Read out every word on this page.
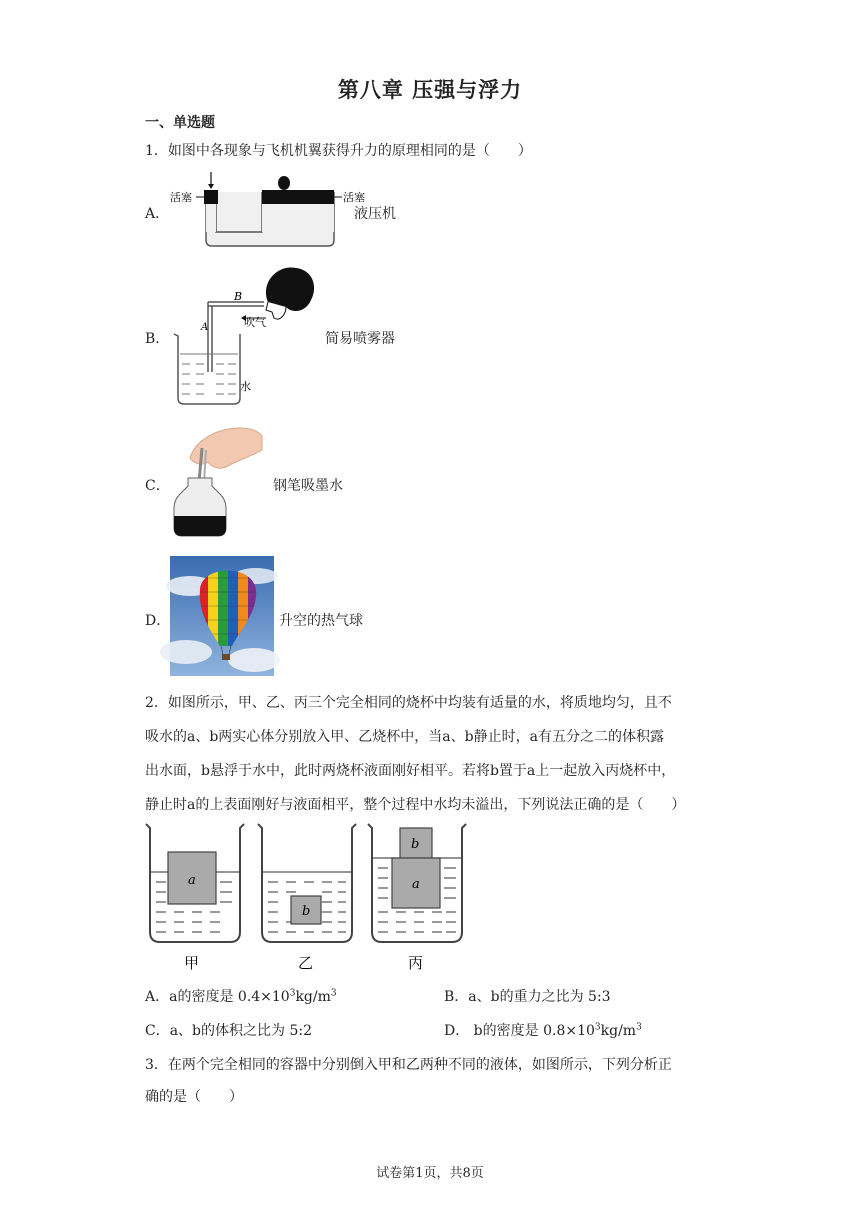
第八章 压强与浮力
一、单选题
1．如图中各现象与飞机机翼获得升力的原理相同的是（　　）
A．
活塞	活塞
液压机
B．
B
A	吹气
水
简易喷雾器
C．	钢笔吸墨水
D．	升空的热气球
2．如图所示，甲、乙、丙三个完全相同的烧杯中均装有适量的水，将质地均匀，且不
吸水的a、b两实心体分别放入甲、乙烧杯中，当a、b静止时，a有五分之二的体积露
出水面，b悬浮于水中，此时两烧杯液面刚好相平。若将b置于a上一起放入丙烧杯中，
静止时a的上表面刚好与液面相平，整个过程中水均未溢出，下列说法正确的是（　　）
a
b
b
a
甲	乙	丙
A．a的密度是 $0.4\times 10^3kg/m^3$	B．a、b的重力之比为 5:3
C．a、b的体积之比为 5:2	D． b的密度是 $0.8\times 10^3kg/m^3$
3．在两个完全相同的容器中分别倒入甲和乙两种不同的液体，如图所示，下列分析正
确的是（　　）
试卷第1页，共8页
